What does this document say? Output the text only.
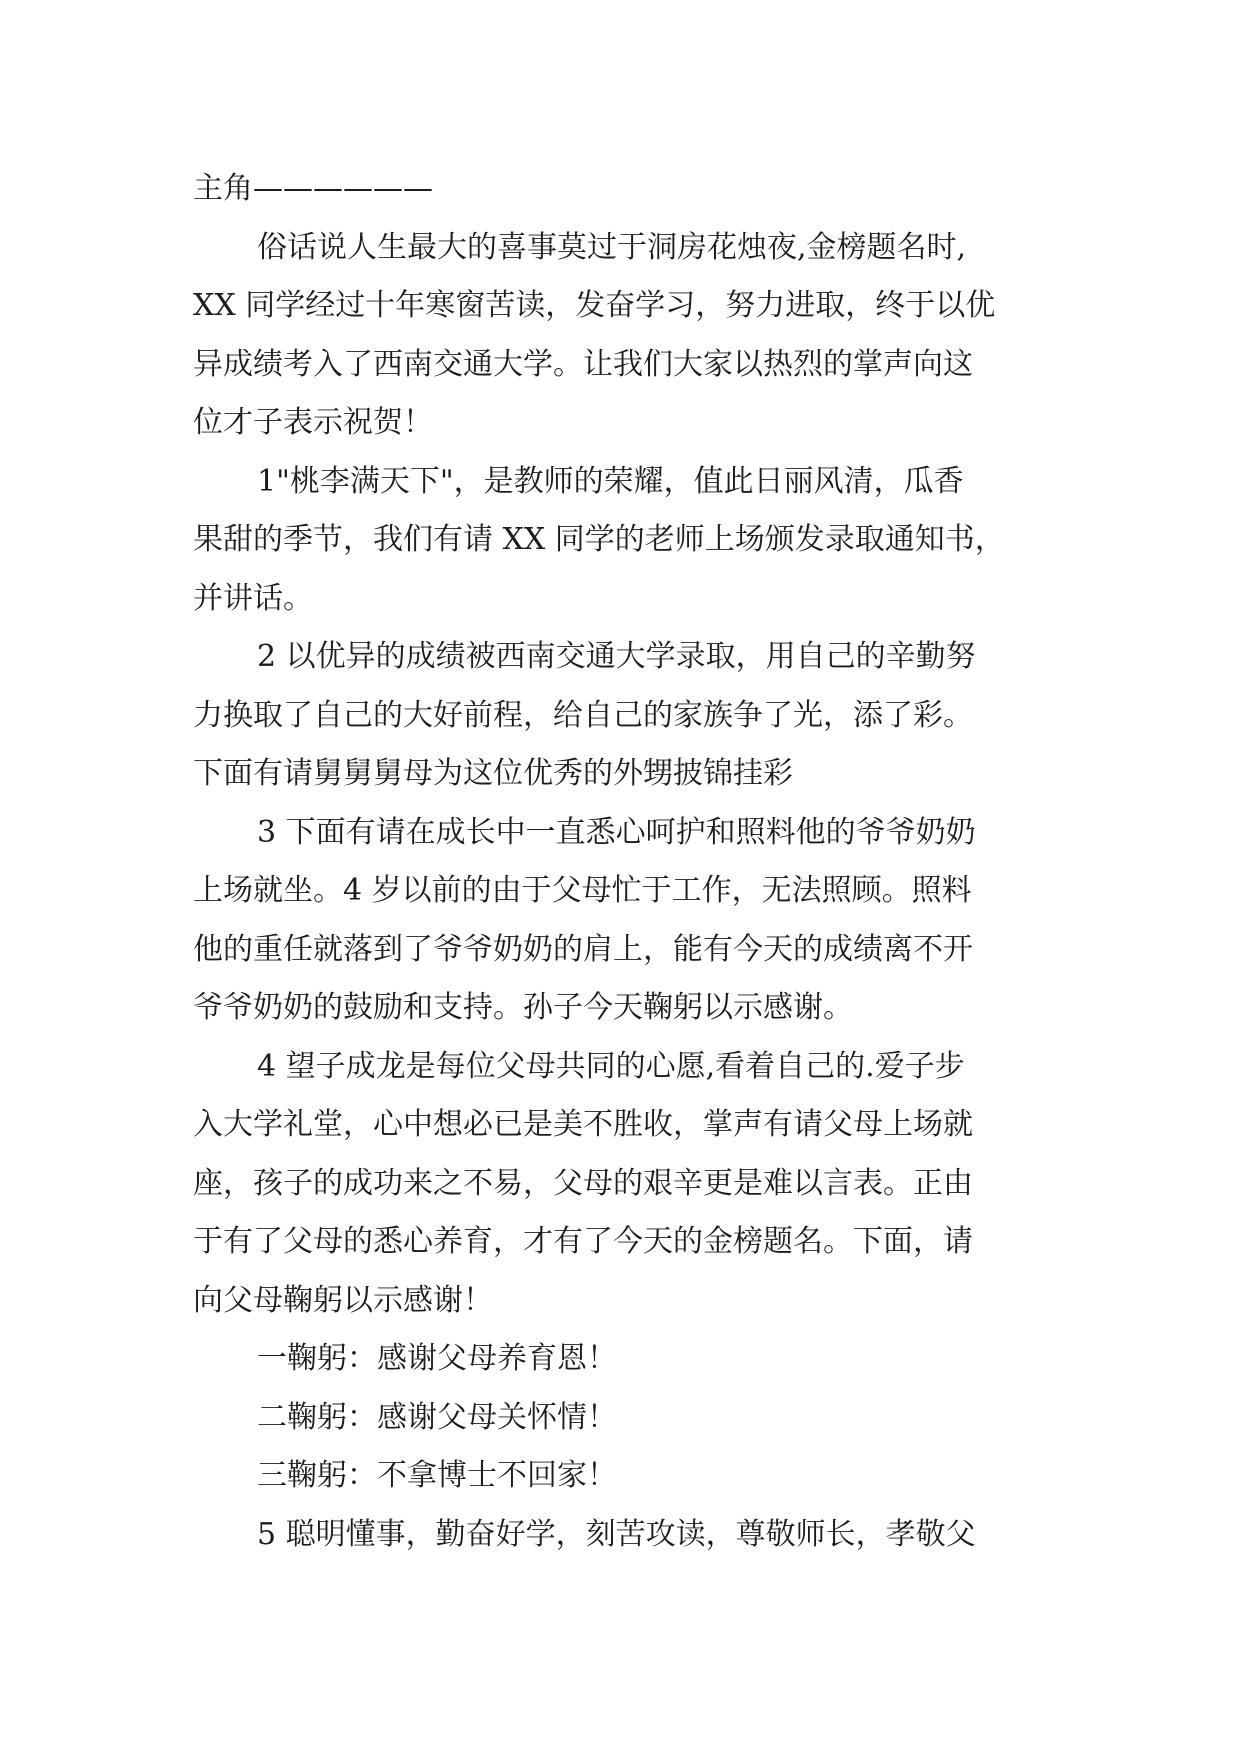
主角——————
俗话说人生最大的喜事莫过于洞房花烛夜,金榜题名时,
XX 同学经过十年寒窗苦读，发奋学习，努力进取，终于以优
异成绩考入了西南交通大学。让我们大家以热烈的掌声向这
位才子表示祝贺！
1"桃李满天下"，是教师的荣耀，值此日丽风清，瓜香
果甜的季节，我们有请 XX 同学的老师上场颁发录取通知书，
并讲话。
2 以优异的成绩被西南交通大学录取，用自己的辛勤努
力换取了自己的大好前程，给自己的家族争了光，添了彩。
下面有请舅舅舅母为这位优秀的外甥披锦挂彩
3 下面有请在成长中一直悉心呵护和照料他的爷爷奶奶
上场就坐。4 岁以前的由于父母忙于工作，无法照顾。照料
他的重任就落到了爷爷奶奶的肩上，能有今天的成绩离不开
爷爷奶奶的鼓励和支持。孙子今天鞠躬以示感谢。
4 望子成龙是每位父母共同的心愿,看着自己的.爱子步
入大学礼堂，心中想必已是美不胜收，掌声有请父母上场就
座，孩子的成功来之不易，父母的艰辛更是难以言表。正由
于有了父母的悉心养育，才有了今天的金榜题名。下面，请
向父母鞠躬以示感谢！
一鞠躬：感谢父母养育恩！
二鞠躬：感谢父母关怀情！
三鞠躬：不拿博士不回家！
5 聪明懂事，勤奋好学，刻苦攻读，尊敬师长，孝敬父
